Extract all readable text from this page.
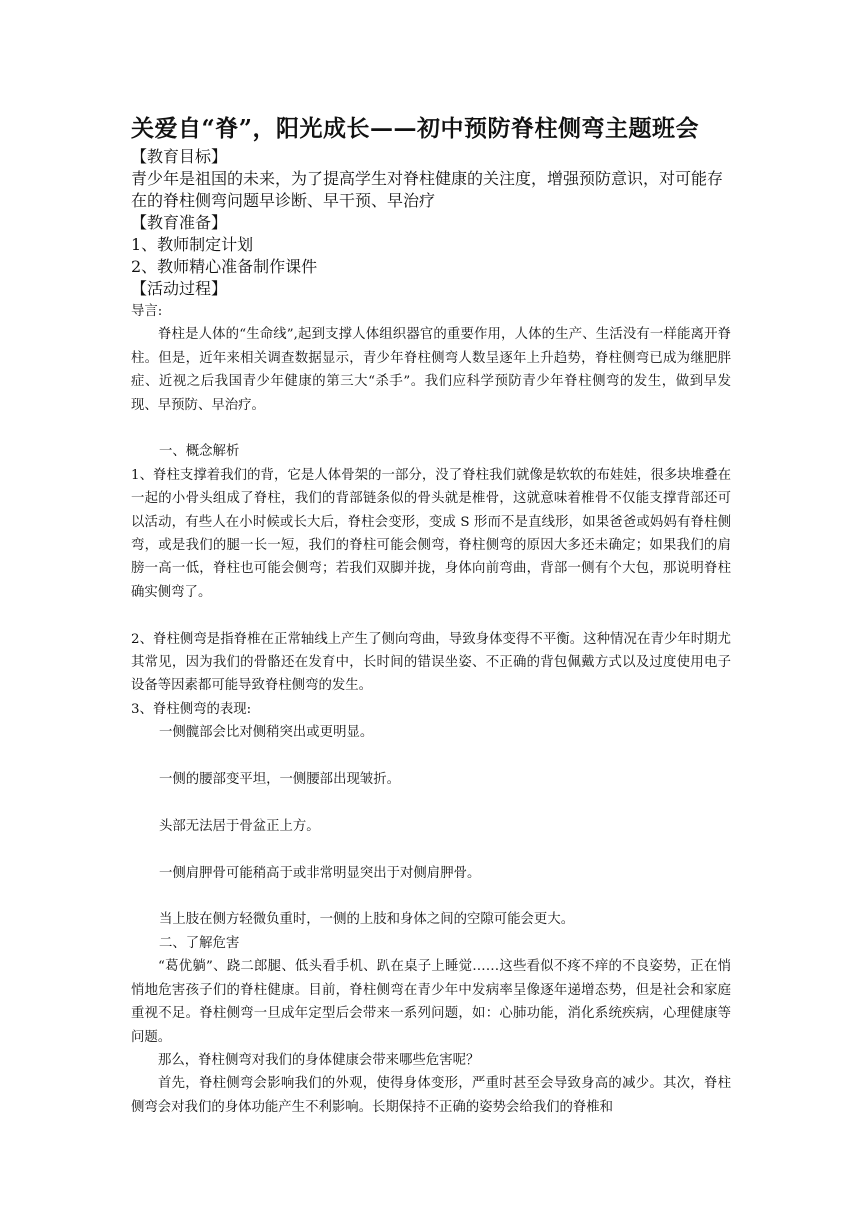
关爱自“脊”，阳光成长——初中预防脊柱侧弯主题班会

【教育目标】

青少年是祖国的未来，为了提高学生对脊柱健康的关注度，增强预防意识，对可能存在的脊柱侧弯问题早诊断、早干预、早治疗

【教育准备】

1、教师制定计划

2、教师精心准备制作课件

【活动过程】

导言:

脊柱是人体的“生命线”,起到支撑人体组织器官的重要作用，人体的生产、生活没有一样能离开脊柱。但是，近年来相关调查数据显示，青少年脊柱侧弯人数呈逐年上升趋势，脊柱侧弯已成为继肥胖症、近视之后我国青少年健康的第三大“杀手”。我们应科学预防青少年脊柱侧弯的发生，做到早发现、早预防、早治疗。

一、概念解析

1、脊柱支撑着我们的背，它是人体骨架的一部分，没了脊柱我们就像是软软的布娃娃，很多块堆叠在一起的小骨头组成了脊柱，我们的背部链条似的骨头就是椎骨，这就意味着椎骨不仅能支撑背部还可以活动，有些人在小时候或长大后，脊柱会变形，变成 S 形而不是直线形，如果爸爸或妈妈有脊柱侧弯，或是我们的腿一长一短，我们的脊柱可能会侧弯，脊柱侧弯的原因大多还未确定；如果我们的肩膀一高一低，脊柱也可能会侧弯；若我们双脚并拢，身体向前弯曲，背部一侧有个大包，那说明脊柱确实侧弯了。

2、脊柱侧弯是指脊椎在正常轴线上产生了侧向弯曲，导致身体变得不平衡。这种情况在青少年时期尤其常见，因为我们的骨骼还在发育中，长时间的错误坐姿、不正确的背包佩戴方式以及过度使用电子设备等因素都可能导致脊柱侧弯的发生。

3、脊柱侧弯的表现:

一侧髋部会比对侧稍突出或更明显。

一侧的腰部变平坦，一侧腰部出现皱折。

头部无法居于骨盆正上方。

一侧肩胛骨可能稍高于或非常明显突出于对侧肩胛骨。

当上肢在侧方轻微负重时，一侧的上肢和身体之间的空隙可能会更大。

二、了解危害

“葛优躺”、跷二郎腿、低头看手机、趴在桌子上睡觉……这些看似不疼不痒的不良姿势，正在悄悄地危害孩子们的脊柱健康。目前，脊柱侧弯在青少年中发病率呈像逐年递增态势，但是社会和家庭重视不足。脊柱侧弯一旦成年定型后会带来一系列问题，如：心肺功能，消化系统疾病，心理健康等问题。

那么，脊柱侧弯对我们的身体健康会带来哪些危害呢？

首先，脊柱侧弯会影响我们的外观，使得身体变形，严重时甚至会导致身高的减少。其次，脊柱侧弯会对我们的身体功能产生不利影响。长期保持不正确的姿势会给我们的脊椎和
